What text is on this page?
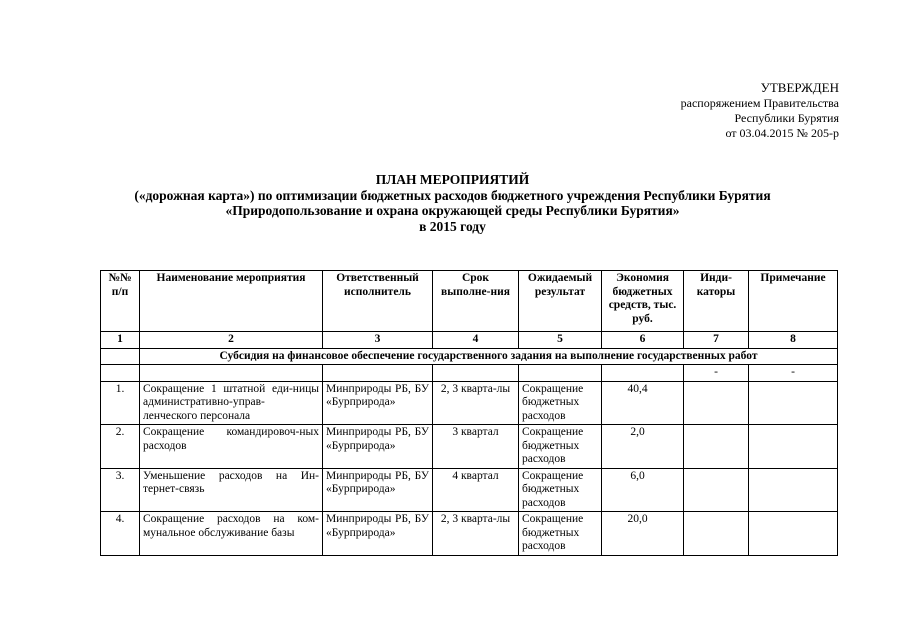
УТВЕРЖДЕН
распоряжением Правительства
Республики Бурятия
от 03.04.2015 № 205-р
ПЛАН МЕРОПРИЯТИЙ
(«дорожная карта») по оптимизации бюджетных расходов бюджетного учреждения Республики Бурятия
«Природопользование и охрана окружающей среды Республики Бурятия»
в 2015 году
№№ п/п	Наименование мероприятия	Ответственный исполнитель	Срок выполне-ния	Ожидаемый результат	Экономия бюджетных средств, тыс. руб.	Инди-каторы	Примечание
1	2	3	4	5	6	7	8
	Субсидия на финансовое обеспечение государственного задания на выполнение государственных работ						
						-	-
1.	Сокращение 1 штатной еди-ницы административно-управ-ленческого персонала	Минприроды РБ, БУ «Бурприрода»	2, 3 кварта-лы	Сокращение бюджетных расходов	40,4		
2.	Сокращение командировоч-ных расходов	Минприроды РБ, БУ «Бурприрода»	3 квартал	Сокращение бюджетных расходов	2,0		
3.	Уменьшение расходов на Ин-тернет-связь	Минприроды РБ, БУ «Бурприрода»	4 квартал	Сокращение бюджетных расходов	6,0		
4.	Сокращение расходов на ком-мунальное обслуживание базы	Минприроды РБ, БУ «Бурприрода»	2, 3 кварта-лы	Сокращение бюджетных расходов	20,0		
